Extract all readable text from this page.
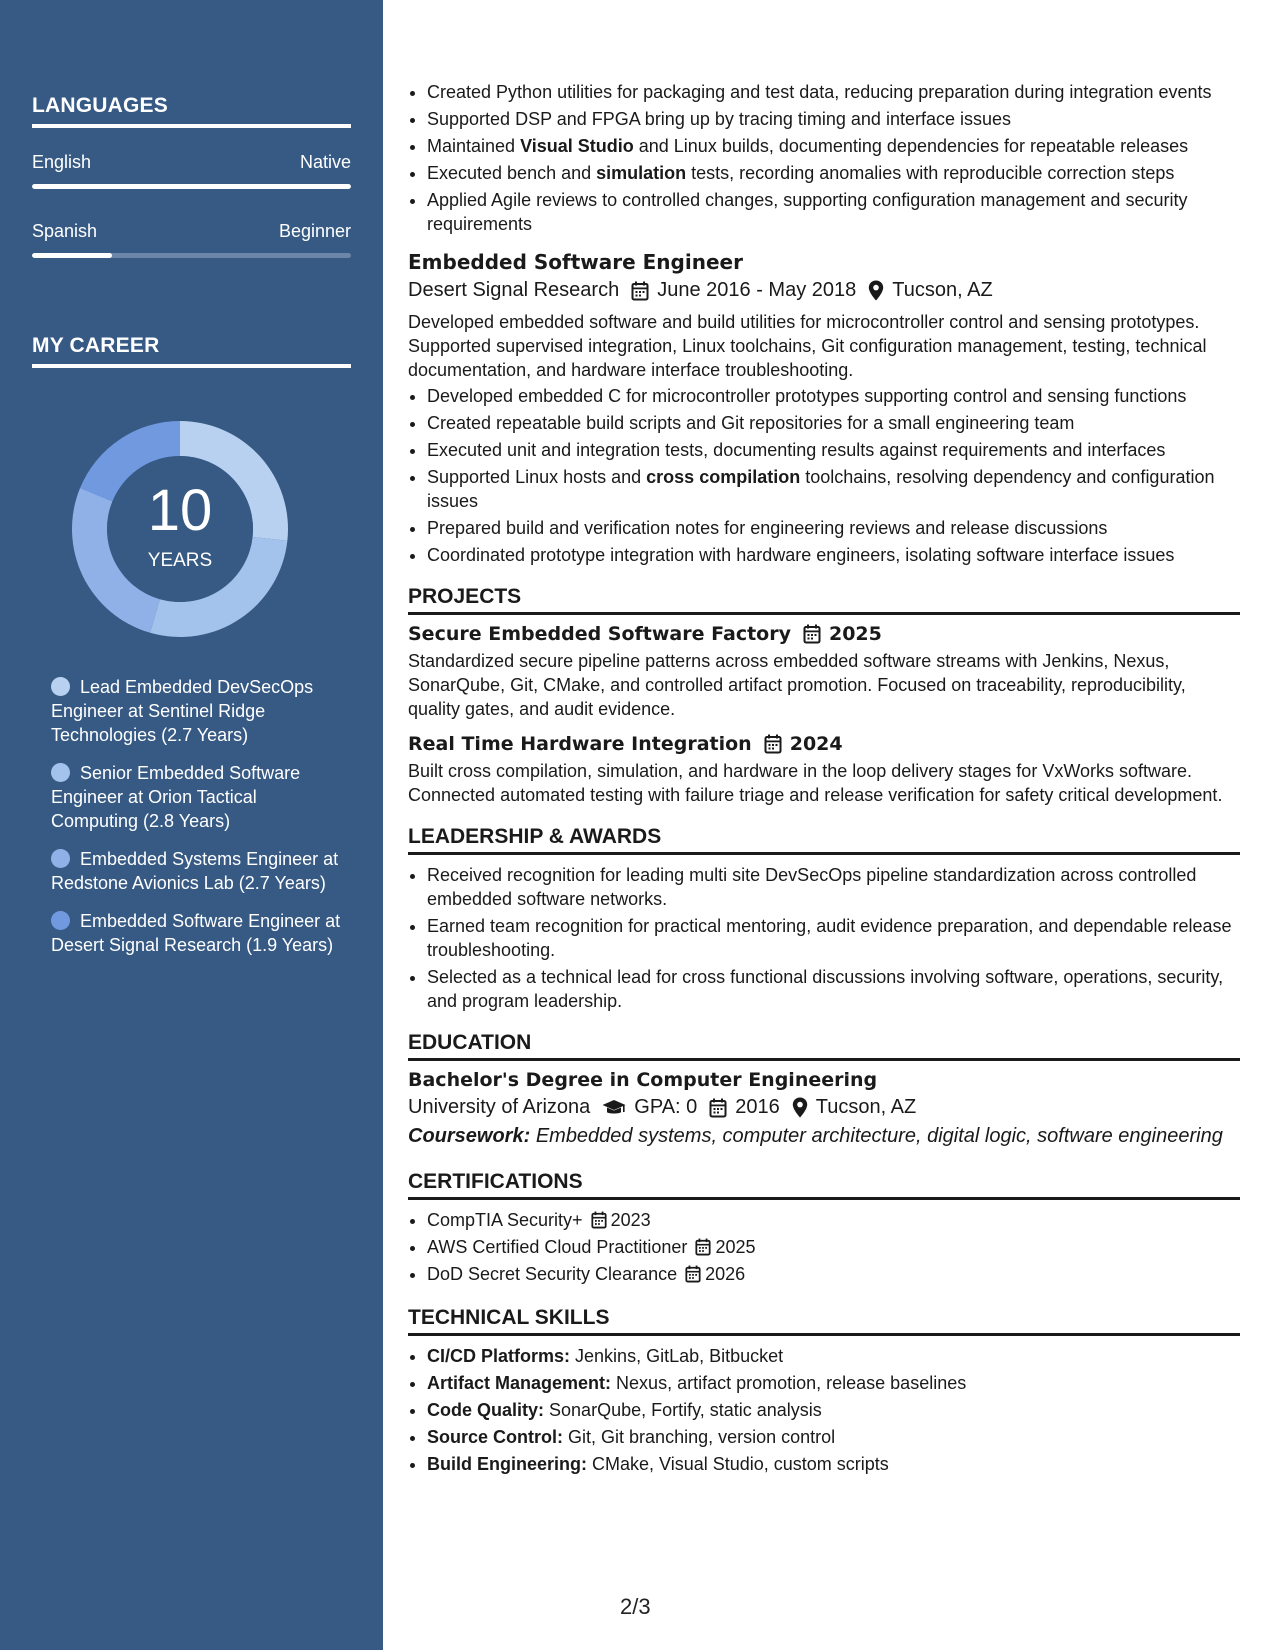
LANGUAGES
English	Native
Spanish	Beginner
MY CAREER
10
YEARS
Lead Embedded DevSecOps Engineer at Sentinel Ridge Technologies (2.7 Years)
Senior Embedded Software Engineer at Orion Tactical Computing (2.8 Years)
Embedded Systems Engineer at Redstone Avionics Lab (2.7 Years)
Embedded Software Engineer at Desert Signal Research (1.9 Years)
• Created Python utilities for packaging and test data, reducing preparation during integration events
• Supported DSP and FPGA bring up by tracing timing and interface issues
• Maintained Visual Studio and Linux builds, documenting dependencies for repeatable releases
• Executed bench and simulation tests, recording anomalies with reproducible correction steps
• Applied Agile reviews to controlled changes, supporting configuration management and security requirements
Embedded Software Engineer
Desert Signal Research June 2016 - May 2018 Tucson, AZ
Developed embedded software and build utilities for microcontroller control and sensing prototypes. Supported supervised integration, Linux toolchains, Git configuration management, testing, technical documentation, and hardware interface troubleshooting.
• Developed embedded C for microcontroller prototypes supporting control and sensing functions
• Created repeatable build scripts and Git repositories for a small engineering team
• Executed unit and integration tests, documenting results against requirements and interfaces
• Supported Linux hosts and cross compilation toolchains, resolving dependency and configuration issues
• Prepared build and verification notes for engineering reviews and release discussions
• Coordinated prototype integration with hardware engineers, isolating software interface issues
PROJECTS
Secure Embedded Software Factory 2025
Standardized secure pipeline patterns across embedded software streams with Jenkins, Nexus, SonarQube, Git, CMake, and controlled artifact promotion. Focused on traceability, reproducibility, quality gates, and audit evidence.
Real Time Hardware Integration 2024
Built cross compilation, simulation, and hardware in the loop delivery stages for VxWorks software. Connected automated testing with failure triage and release verification for safety critical development.
LEADERSHIP & AWARDS
• Received recognition for leading multi site DevSecOps pipeline standardization across controlled embedded software networks.
• Earned team recognition for practical mentoring, audit evidence preparation, and dependable release troubleshooting.
• Selected as a technical lead for cross functional discussions involving software, operations, security, and program leadership.
EDUCATION
Bachelor's Degree in Computer Engineering
University of Arizona GPA: 0 2016 Tucson, AZ
Coursework: Embedded systems, computer architecture, digital logic, software engineering
CERTIFICATIONS
• CompTIA Security+ 2023
• AWS Certified Cloud Practitioner 2025
• DoD Secret Security Clearance 2026
TECHNICAL SKILLS
• CI/CD Platforms: Jenkins, GitLab, Bitbucket
• Artifact Management: Nexus, artifact promotion, release baselines
• Code Quality: SonarQube, Fortify, static analysis
• Source Control: Git, Git branching, version control
• Build Engineering: CMake, Visual Studio, custom scripts
2/3
